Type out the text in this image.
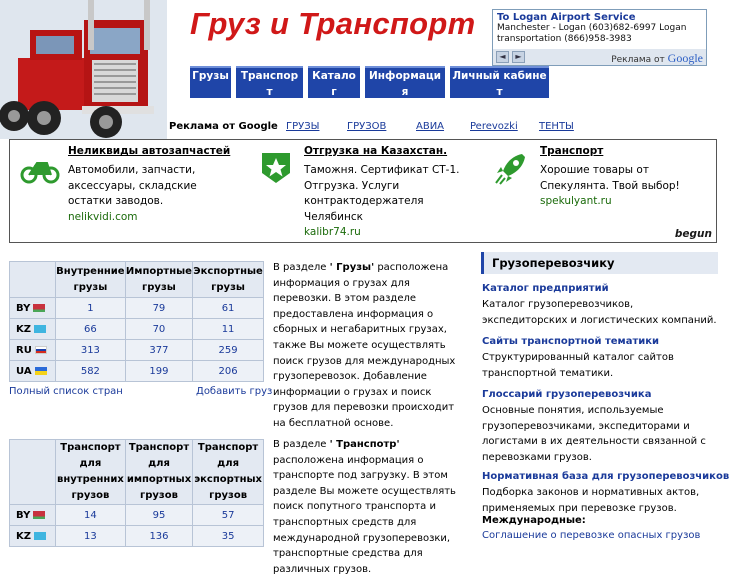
Груз и Транспорт To Logan Airport Service
Manchester - Logan (603)682-6997 Logan transportation (866)958-3983
◄	►	Реклама от Google
Грузы	Транспорт
Каталог
Информация
Личный кабинет
Реклама от Google ГРУЗЫ	ГРУЗОВ	АВИА	Perevozki ТЕНТЫ
Неликвиды автозапчастей
Автомобили, запчасти, аксессуары, складские остатки заводов.
nelikvidi.com
Отгрузка на Казахстан.
Таможня. Сертификат СТ-1. Отгрузка. Услуги контрактодержателя Челябинск
kalibr74.ru
Транспорт
Хорошие товары от Спекулянта. Твой выбор!
spekulyant.ru
begun
	Внутренние грузы	Импортные грузы	Экспортные грузы
BY	1	79	61
KZ	66	70	11
RU	313	377	259
UA	582	199	206
Полный список стран	Добавить груз
В разделе ' Грузы' расположена информация о грузах для перевозки. В этом разделе предоставлена информация о сборных и негабаритных грузах, также Вы можете осуществлять поиск грузов для международных грузоперевозок. Добавление информации о грузах и поиск грузов для перевозки происходит на бесплатной основе.
	Транспорт для внутренних грузов	Транспорт для импортных грузов	Транспорт для экспортных грузов
BY	14	95	57
KZ	13	136	35
В разделе ' Транспотр' расположена информация о транспорте под загрузку. В этом разделе Вы можете осуществлять поиск попутного транспорта и транспортных средств для международной грузоперевозки, транспортные средства для различных грузов.
Грузоперевозчику
Каталог предприятий
Каталог грузоперевозчиков, экспедиторских и логистических компаний.
Сайты транспортной тематики
Структурированный каталог сайтов транспортной тематики.
Глоссарий грузоперевозчика
Основные понятия, используемые грузоперевозчиками, экспедиторами и логистами в их деятельности связанной с перевозками грузов.
Нормативная база для грузоперевозчиков
Подборка законов и нормативных актов, применяемых при перевозке грузов.
Международные:
Соглашение о перевозке опасных грузов
